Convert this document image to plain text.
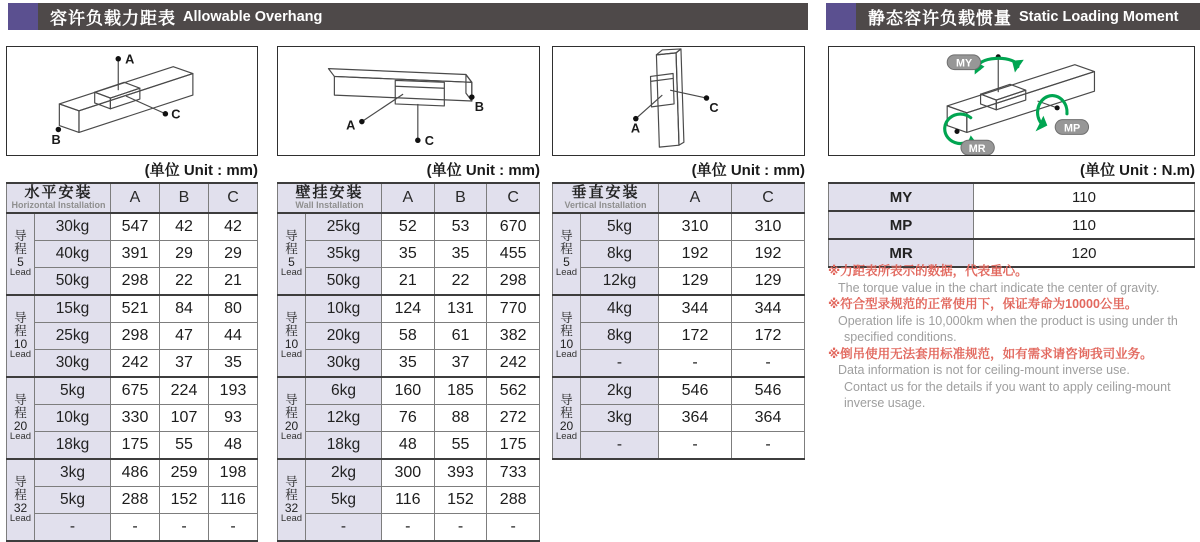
容许负载力距表 Allowable Overhang	静态容许负载惯量 Static Loading Moment
A
B
C
A
B
C
A
C
MY
MP
MR
(单位 Unit : mm)	(单位 Unit : mm)	(单位 Unit : mm)	(单位 Unit : N.m)
水平安装
Horizontal Installation		A	B	C

导
程
5
Lead	30kg	547	42	42
	40kg	391	29	29
	50kg	298	22	21

导
程
10
Lead	15kg	521	84	80
	25kg	298	47	44
	30kg	242	37	35

导
程
20
Lead	5kg	675	224	193
	10kg	330	107	93
	18kg	175	55	48

导
程
32
Lead	3kg	486	259	198
	5kg	288	152	116
	-	-	-	-
壁挂安装
Wall Installation		A	B	C

导
程
5
Lead	25kg	52	53	670
	35kg	35	35	455
	50kg	21	22	298

导
程
10
Lead	10kg	124	131	770
	20kg	58	61	382
	30kg	35	37	242

导
程
20
Lead	6kg	160	185	562
	12kg	76	88	272
	18kg	48	55	175

导
程
32
Lead	2kg	300	393	733
	5kg	116	152	288
	-	-	-	-
垂直安装
Vertical Installation		A	C

导
程
5
Lead	5kg	310	310
	8kg	192	192
	12kg	129	129

导
程
10
Lead	4kg	344	344
	8kg	172	172
	-	-	-

导
程
20
Lead	2kg	546	546
	3kg	364	364
	-	-	-
MY	110
MP	110
MR	120
※力距表所表示的数据，代表重心。
The torque value in the chart indicate the center of gravity.
※符合型录规范的正常使用下，保证寿命为10000公里。
Operation life is 10,000km when the product is using under th
specified conditions.
※倒吊使用无法套用标准规范，如有需求请咨询我司业务。
Data information is not for ceiling-mount inverse use.
Contact us for the details if you want to apply ceiling-mount
inverse usage.
